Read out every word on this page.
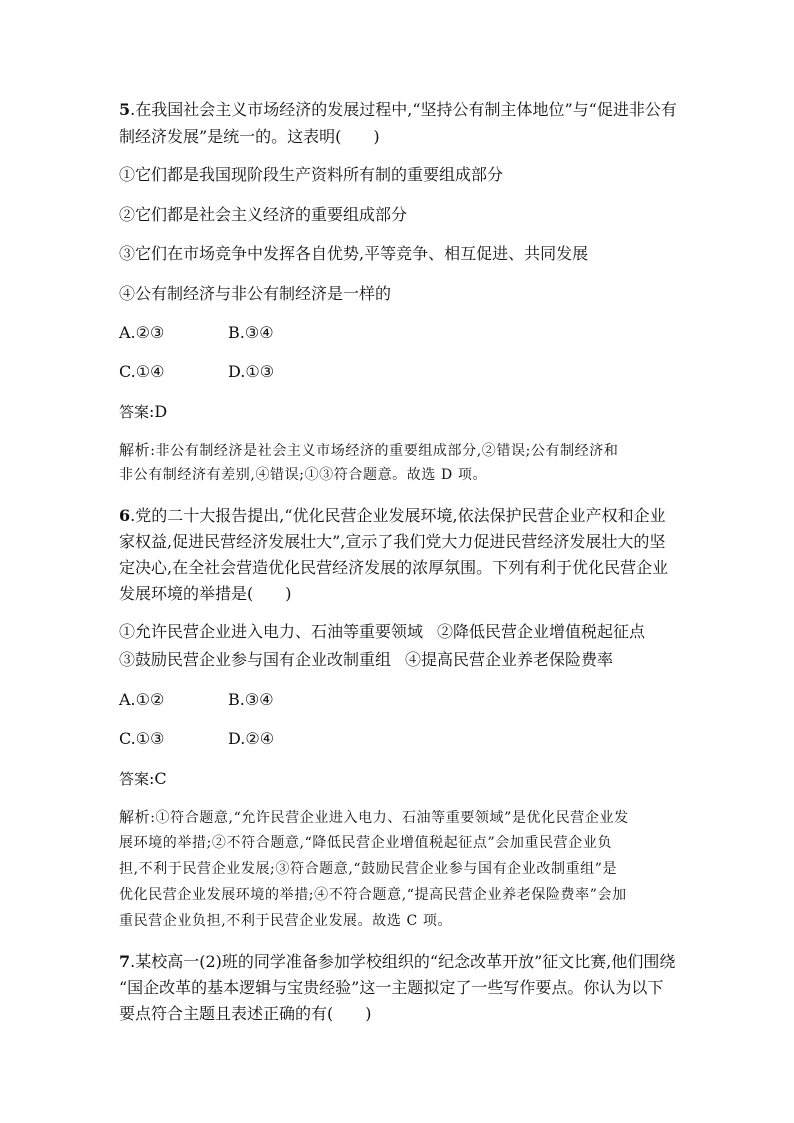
5.在我国社会主义市场经济的发展过程中,“坚持公有制主体地位”与“促进非公有
制经济发展”是统一的。这表明(　　)
①它们都是我国现阶段生产资料所有制的重要组成部分
②它们都是社会主义经济的重要组成部分
③它们在市场竞争中发挥各自优势,平等竞争、相互促进、共同发展
④公有制经济与非公有制经济是一样的
A.②③	B.③④
C.①④	D.①③
答案:D
解析:非公有制经济是社会主义市场经济的重要组成部分,②错误;公有制经济和
非公有制经济有差别,④错误;①③符合题意。故选 D 项。
6.党的二十大报告提出,“优化民营企业发展环境,依法保护民营企业产权和企业
家权益,促进民营经济发展壮大”,宣示了我们党大力促进民营经济发展壮大的坚
定决心,在全社会营造优化民营经济发展的浓厚氛围。下列有利于优化民营企业
发展环境的举措是(　　)
①允许民营企业进入电力、石油等重要领域 ②降低民营企业增值税起征点
③鼓励民营企业参与国有企业改制重组 ④提高民营企业养老保险费率
A.①②	B.③④
C.①③	D.②④
答案:C
解析:①符合题意,“允许民营企业进入电力、石油等重要领域”是优化民营企业发
展环境的举措;②不符合题意,“降低民营企业增值税起征点”会加重民营企业负
担,不利于民营企业发展;③符合题意,“鼓励民营企业参与国有企业改制重组”是
优化民营企业发展环境的举措;④不符合题意,“提高民营企业养老保险费率”会加
重民营企业负担,不利于民营企业发展。故选 C 项。
7.某校高一(2)班的同学准备参加学校组织的“纪念改革开放”征文比赛,他们围绕
“国企改革的基本逻辑与宝贵经验”这一主题拟定了一些写作要点。你认为以下
要点符合主题且表述正确的有(　　)
